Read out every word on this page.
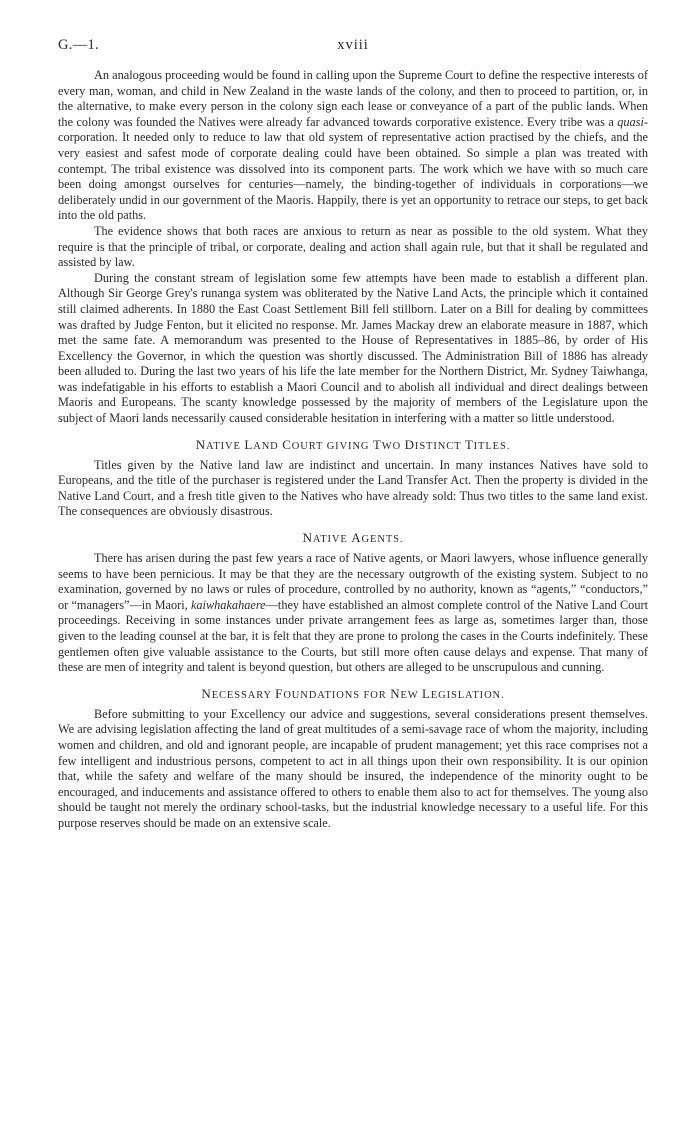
G.—1.	xviii

An analogous proceeding would be found in calling upon the Supreme Court to define the respective interests of every man, woman, and child in New Zealand in the waste lands of the colony, and then to proceed to partition, or, in the alternative, to make every person in the colony sign each lease or conveyance of a part of the public lands. When the colony was founded the Natives were already far advanced towards corporative existence. Every tribe was a quasi-corporation. It needed only to reduce to law that old system of representative action practised by the chiefs, and the very easiest and safest mode of corporate dealing could have been obtained. So simple a plan was treated with contempt. The tribal existence was dissolved into its component parts. The work which we have with so much care been doing amongst ourselves for centuries—namely, the binding-together of individuals in corporations—we deliberately undid in our government of the Maoris. Happily, there is yet an opportunity to retrace our steps, to get back into the old paths.

The evidence shows that both races are anxious to return as near as possible to the old system. What they require is that the principle of tribal, or corporate, dealing and action shall again rule, but that it shall be regulated and assisted by law.

During the constant stream of legislation some few attempts have been made to establish a different plan. Although Sir George Grey's runanga system was obliterated by the Native Land Acts, the principle which it contained still claimed adherents. In 1880 the East Coast Settlement Bill fell stillborn. Later on a Bill for dealing by committees was drafted by Judge Fenton, but it elicited no response. Mr. James Mackay drew an elaborate measure in 1887, which met the same fate. A memorandum was presented to the House of Representatives in 1885–86, by order of His Excellency the Governor, in which the question was shortly discussed. The Administration Bill of 1886 has already been alluded to. During the last two years of his life the late member for the Northern District, Mr. Sydney Taiwhanga, was indefatigable in his efforts to establish a Maori Council and to abolish all individual and direct dealings between Maoris and Europeans. The scanty knowledge possessed by the majority of members of the Legislature upon the subject of Maori lands necessarily caused considerable hesitation in interfering with a matter so little understood.

NATIVE LAND COURT GIVING TWO DISTINCT TITLES.

Titles given by the Native land law are indistinct and uncertain. In many instances Natives have sold to Europeans, and the title of the purchaser is registered under the Land Transfer Act. Then the property is divided in the Native Land Court, and a fresh title given to the Natives who have already sold: Thus two titles to the same land exist. The consequences are obviously disastrous.

NATIVE AGENTS.

There has arisen during the past few years a race of Native agents, or Maori lawyers, whose influence generally seems to have been pernicious. It may be that they are the necessary outgrowth of the existing system. Subject to no examination, governed by no laws or rules of procedure, controlled by no authority, known as “agents,” “conductors,” or “managers”—in Maori, kaiwhakahaere—they have established an almost complete control of the Native Land Court proceedings. Receiving in some instances under private arrangement fees as large as, sometimes larger than, those given to the leading counsel at the bar, it is felt that they are prone to prolong the cases in the Courts indefinitely. These gentlemen often give valuable assistance to the Courts, but still more often cause delays and expense. That many of these are men of integrity and talent is beyond question, but others are alleged to be unscrupulous and cunning.

NECESSARY FOUNDATIONS FOR NEW LEGISLATION.

Before submitting to your Excellency our advice and suggestions, several considerations present themselves. We are advising legislation affecting the land of great multitudes of a semi-savage race of whom the majority, including women and children, and old and ignorant people, are incapable of prudent management; yet this race comprises not a few intelligent and industrious persons, competent to act in all things upon their own responsibility. It is our opinion that, while the safety and welfare of the many should be insured, the independence of the minority ought to be encouraged, and inducements and assistance offered to others to enable them also to act for themselves. The young also should be taught not merely the ordinary school-tasks, but the industrial knowledge necessary to a useful life. For this purpose reserves should be made on an extensive scale.
